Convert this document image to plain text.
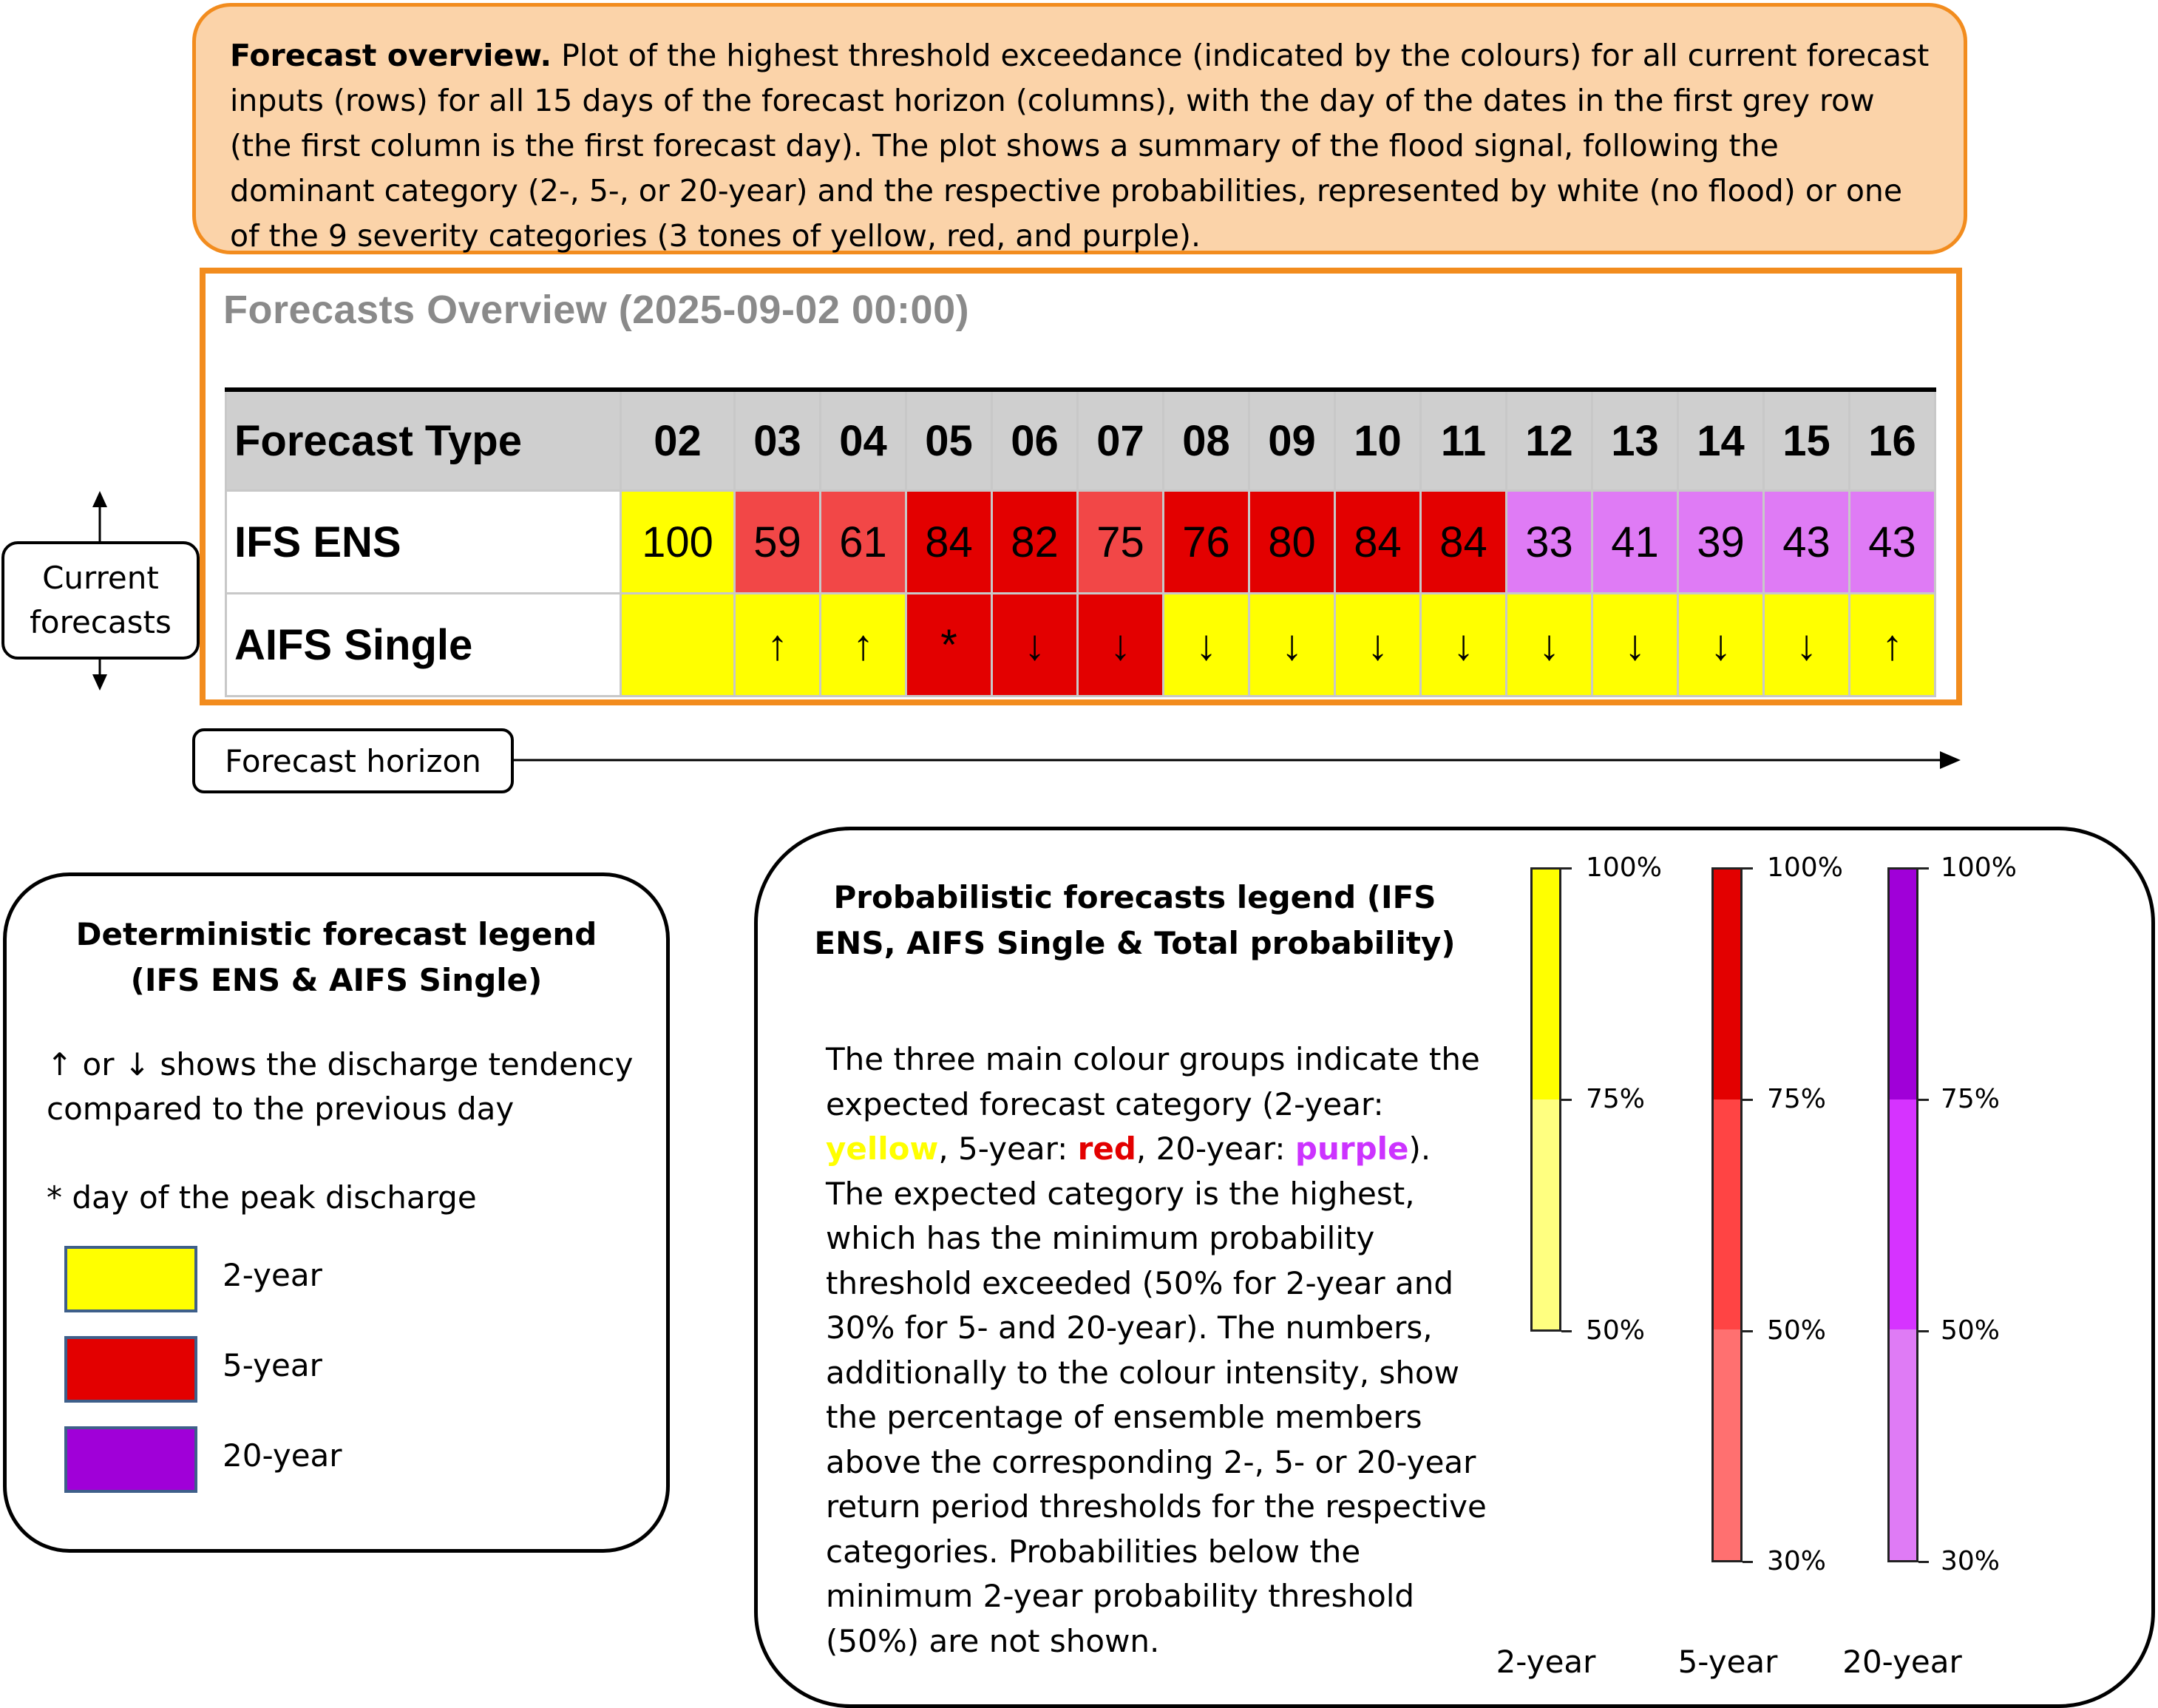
Forecast overview. Plot of the highest threshold exceedance (indicated by the colours) for all current forecast inputs (rows) for all 15 days of the forecast horizon (columns), with the day of the dates in the first grey row (the first column is the first forecast day). The plot shows a summary of the flood signal, following the dominant category (2-, 5-, or 20-year) and the respective probabilities, represented by white (no flood) or one of the 9 severity categories (3 tones of yellow, red, and purple).
Forecasts Overview (2025-09-02 00:00)
Forecast Type	02	03	04	05	06	07	08	09	10	11	12	13	14	15	16
IFS ENS	100	59	61	84	82	75	76	80	84	84	33	41	39	43	43
AIFS Single		↑	↑	*	↓	↓	↓	↓	↓	↓	↓	↓	↓	↓	↑
Current
forecasts
Forecast horizon
Deterministic forecast legend
(IFS ENS & AIFS Single)
↑ or ↓ shows the discharge tendency compared to the previous day
* day of the peak discharge
2-year
5-year
20-year
Probabilistic forecasts legend (IFS
ENS, AIFS Single & Total probability)
The three main colour groups indicate the expected forecast category (2-year: yellow, 5-year: red, 20-year: purple). The expected category is the highest, which has the minimum probability threshold exceeded (50% for 2-year and 30% for 5- and 20-year). The numbers, additionally to the colour intensity, show the percentage of ensemble members above the corresponding 2-, 5- or 20-year return period thresholds for the respective categories. Probabilities below the minimum 2-year probability threshold (50%) are not shown.
100%
75%
50%
2-year
100%
75%
50%
30%
5-year
100%
75%
50%
30%
20-year
